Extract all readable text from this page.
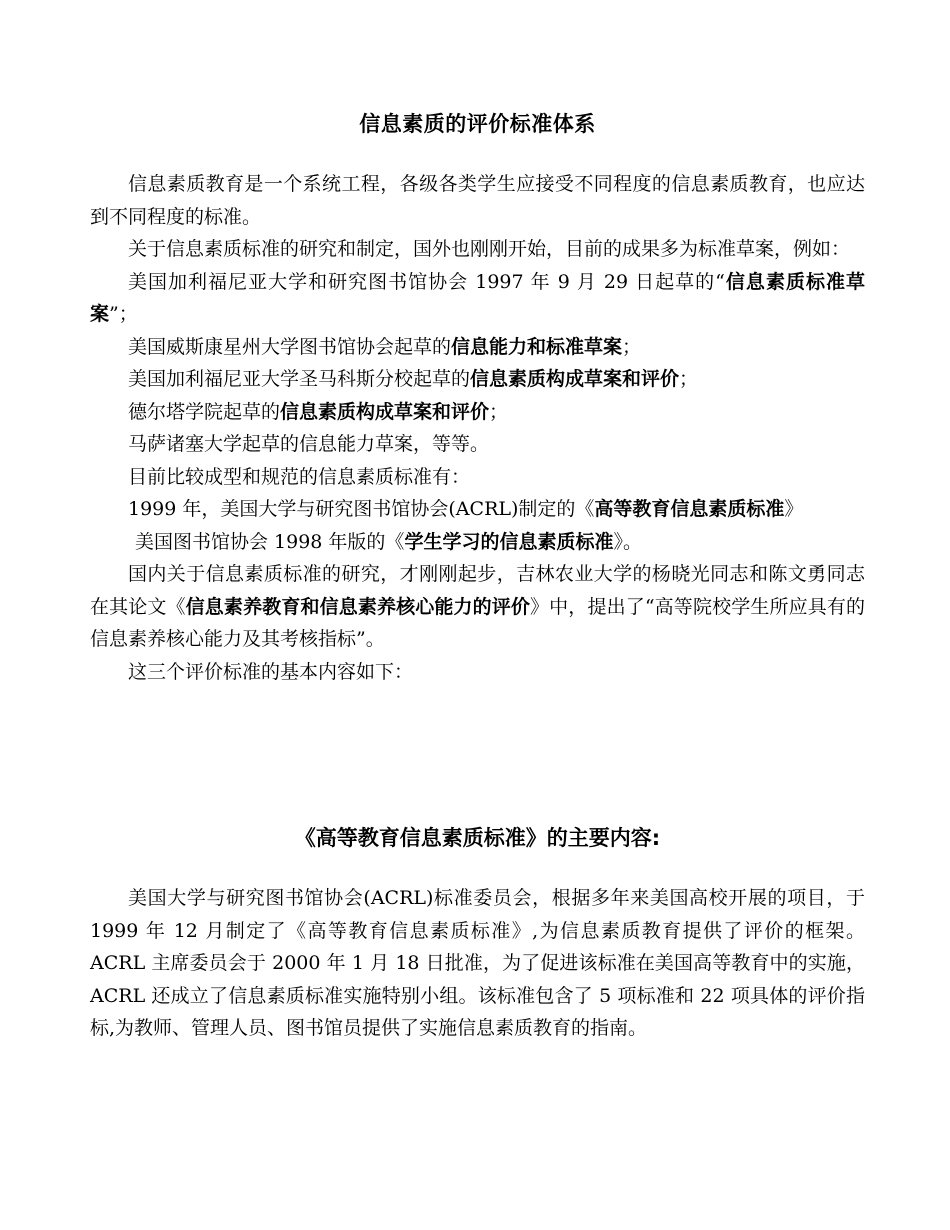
信息素质的评价标准体系

信息素质教育是一个系统工程，各级各类学生应接受不同程度的信息素质教育，也应达到不同程度的标准。

关于信息素质标准的研究和制定，国外也刚刚开始，目前的成果多为标准草案，例如：

美国加利福尼亚大学和研究图书馆协会 1997 年 9 月 29 日起草的“信息素质标准草案”；

美国威斯康星州大学图书馆协会起草的信息能力和标准草案；

美国加利福尼亚大学圣马科斯分校起草的信息素质构成草案和评价；

德尔塔学院起草的信息素质构成草案和评价；

马萨诸塞大学起草的信息能力草案，等等。

目前比较成型和规范的信息素质标准有：

1999 年，美国大学与研究图书馆协会(ACRL)制定的《高等教育信息素质标准》

美国图书馆协会 1998 年版的《学生学习的信息素质标准》。

国内关于信息素质标准的研究，才刚刚起步，吉林农业大学的杨晓光同志和陈文勇同志在其论文《信息素养教育和信息素养核心能力的评价》中，提出了“高等院校学生所应具有的信息素养核心能力及其考核指标”。

这三个评价标准的基本内容如下：

《高等教育信息素质标准》的主要内容:

美国大学与研究图书馆协会(ACRL)标准委员会，根据多年来美国高校开展的项目，于 1999 年 12 月制定了《高等教育信息素质标准》,为信息素质教育提供了评价的框架。ACRL 主席委员会于 2000 年 1 月 18 日批准，为了促进该标准在美国高等教育中的实施，ACRL 还成立了信息素质标准实施特别小组。该标准包含了 5 项标准和 22 项具体的评价指标,为教师、管理人员、图书馆员提供了实施信息素质教育的指南。
